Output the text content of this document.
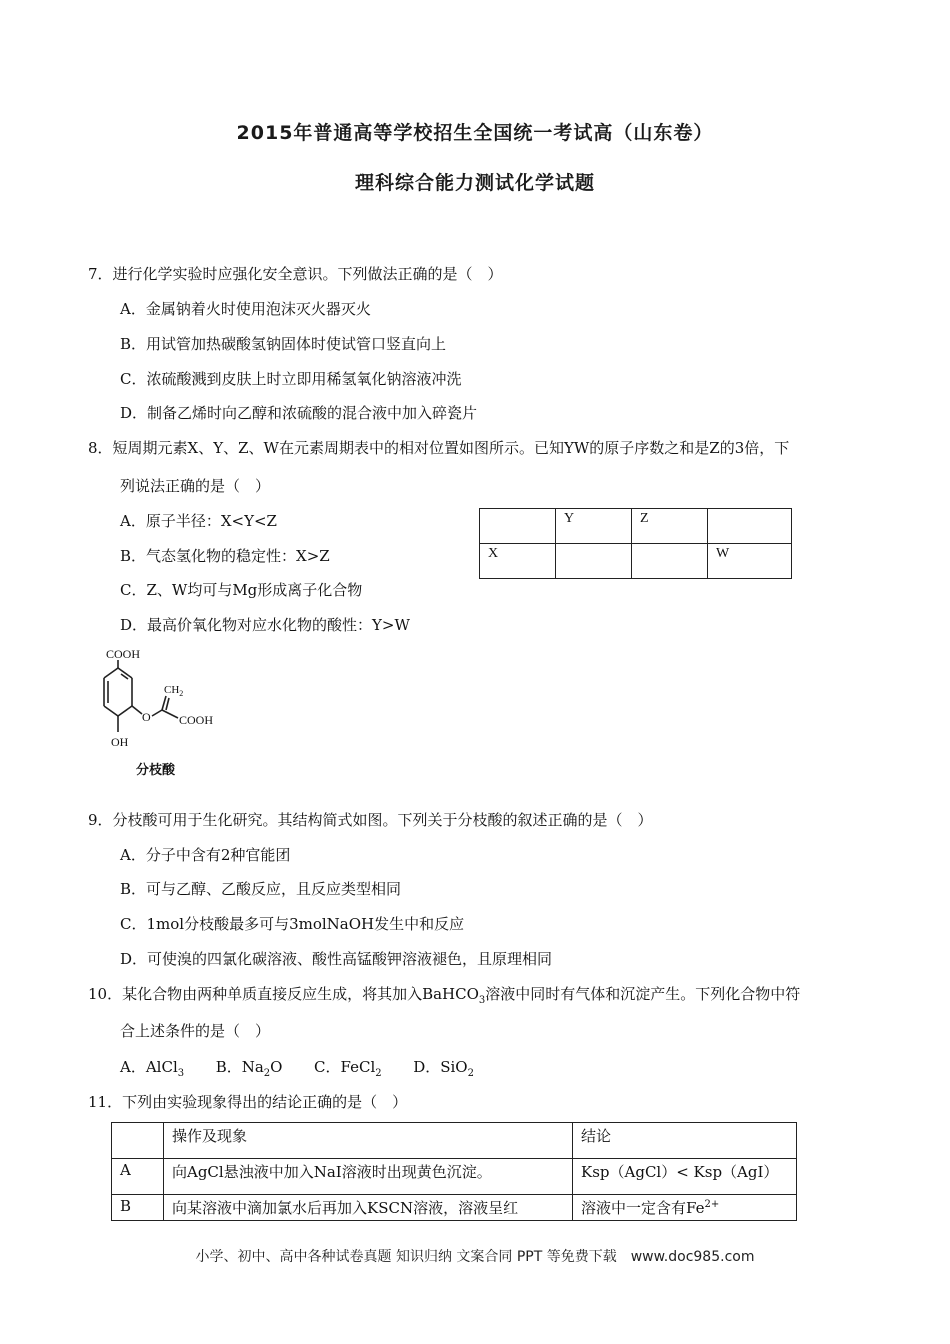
2015年普通高等学校招生全国统一考试高（山东卷）
理科综合能力测试化学试题
7．进行化学实验时应强化安全意识。下列做法正确的是（　）
A．金属钠着火时使用泡沫灭火器灭火
B．用试管加热碳酸氢钠固体时使试管口竖直向上
C．浓硫酸溅到皮肤上时立即用稀氢氧化钠溶液冲洗
D．制备乙烯时向乙醇和浓硫酸的混合液中加入碎瓷片
8．短周期元素X、Y、Z、W在元素周期表中的相对位置如图所示。已知YW的原子序数之和是Z的3倍，下
列说法正确的是（　）
A．原子半径：X<Y<Z
B．气态氢化物的稳定性：X>Z
C．Z、W均可与Mg形成离子化合物
D．最高价氧化物对应水化物的酸性：Y>W
	Y	Z	
X			W
COOH
$CH_2$
O COOH
OH
分枝酸
9．分枝酸可用于生化研究。其结构简式如图。下列关于分枝酸的叙述正确的是（　）
A．分子中含有2种官能团
B．可与乙醇、乙酸反应，且反应类型相同
C．1mol分枝酸最多可与3molNaOH发生中和反应
D．可使溴的四氯化碳溶液、酸性高锰酸钾溶液褪色，且原理相同
10．某化合物由两种单质直接反应生成，将其加入BaHCO$_3$溶液中同时有气体和沉淀产生。下列化合物中符
合上述条件的是（　）
A．AlCl$_3$ B．$Na_2O$ C．FeCl$_2$ D．SiO$_2$
11．下列由实验现象得出的结论正确的是（　）
	操作及现象	结论
A	向AgCl悬浊液中加入NaI溶液时出现黄色沉淀。	Ksp（AgCl）< Ksp（AgI）
B	向某溶液中滴加氯水后再加入KSCN溶液，溶液呈红	溶液中一定含有$Fe^{2+}$
小学、初中、高中各种试卷真题 知识归纳 文案合同 PPT 等免费下载　www.doc985.com
